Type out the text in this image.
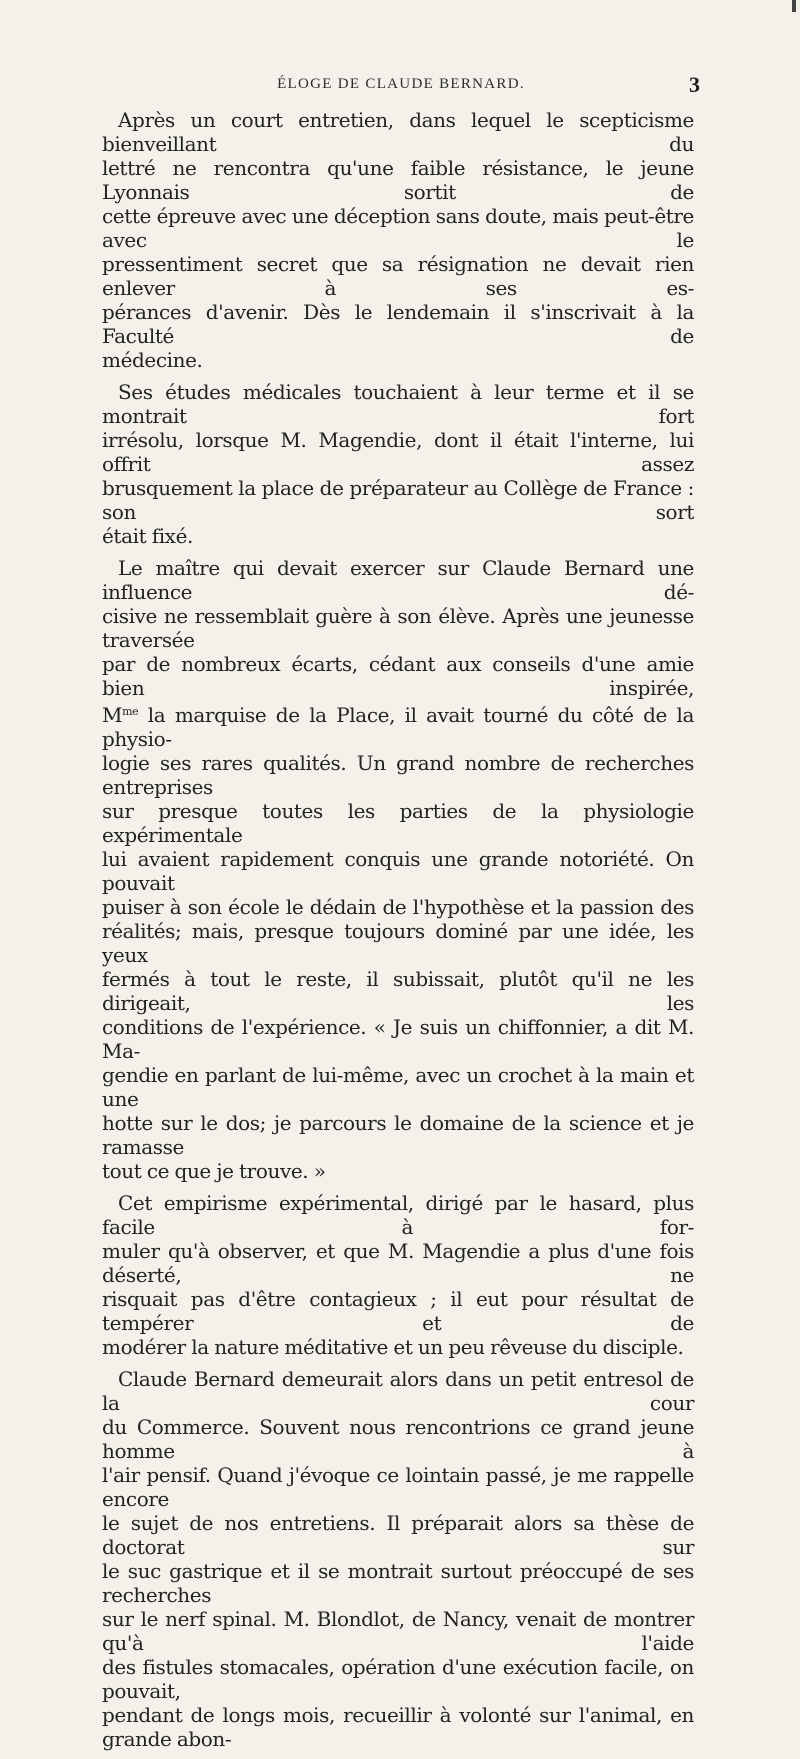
ÉLOGE DE CLAUDE BERNARD.	3
Après un court entretien, dans lequel le scepticisme bienveillant du
lettré ne rencontra qu'une faible résistance, le jeune Lyonnais sortit de
cette épreuve avec une déception sans doute, mais peut-être avec le
pressentiment secret que sa résignation ne devait rien enlever à ses es-
pérances d'avenir. Dès le lendemain il s'inscrivait à la Faculté de
médecine.
Ses études médicales touchaient à leur terme et il se montrait fort
irrésolu, lorsque M. Magendie, dont il était l'interne, lui offrit assez
brusquement la place de préparateur au Collège de France : son sort
était fixé.
Le maître qui devait exercer sur Claude Bernard une influence dé-
cisive ne ressemblait guère à son élève. Après une jeunesse traversée
par de nombreux écarts, cédant aux conseils d'une amie bien inspirée,
$M^{me}$ la marquise de la Place, il avait tourné du côté de la physio-
logie ses rares qualités. Un grand nombre de recherches entreprises
sur presque toutes les parties de la physiologie expérimentale
lui avaient rapidement conquis une grande notoriété. On pouvait
puiser à son école le dédain de l'hypothèse et la passion des
réalités; mais, presque toujours dominé par une idée, les yeux
fermés à tout le reste, il subissait, plutôt qu'il ne les dirigeait, les
conditions de l'expérience. « Je suis un chiffonnier, a dit M. Ma-
gendie en parlant de lui-même, avec un crochet à la main et une
hotte sur le dos; je parcours le domaine de la science et je ramasse
tout ce que je trouve. »
Cet empirisme expérimental, dirigé par le hasard, plus facile à for-
muler qu'à observer, et que M. Magendie a plus d'une fois déserté, ne
risquait pas d'être contagieux ; il eut pour résultat de tempérer et de
modérer la nature méditative et un peu rêveuse du disciple.
Claude Bernard demeurait alors dans un petit entresol de la cour
du Commerce. Souvent nous rencontrions ce grand jeune homme à
l'air pensif. Quand j'évoque ce lointain passé, je me rappelle encore
le sujet de nos entretiens. Il préparait alors sa thèse de doctorat sur
le suc gastrique et il se montrait surtout préoccupé de ses recherches
sur le nerf spinal. M. Blondlot, de Nancy, venait de montrer qu'à l'aide
des fistules stomacales, opération d'une exécution facile, on pouvait,
pendant de longs mois, recueillir à volonté sur l'animal, en grande abon-
